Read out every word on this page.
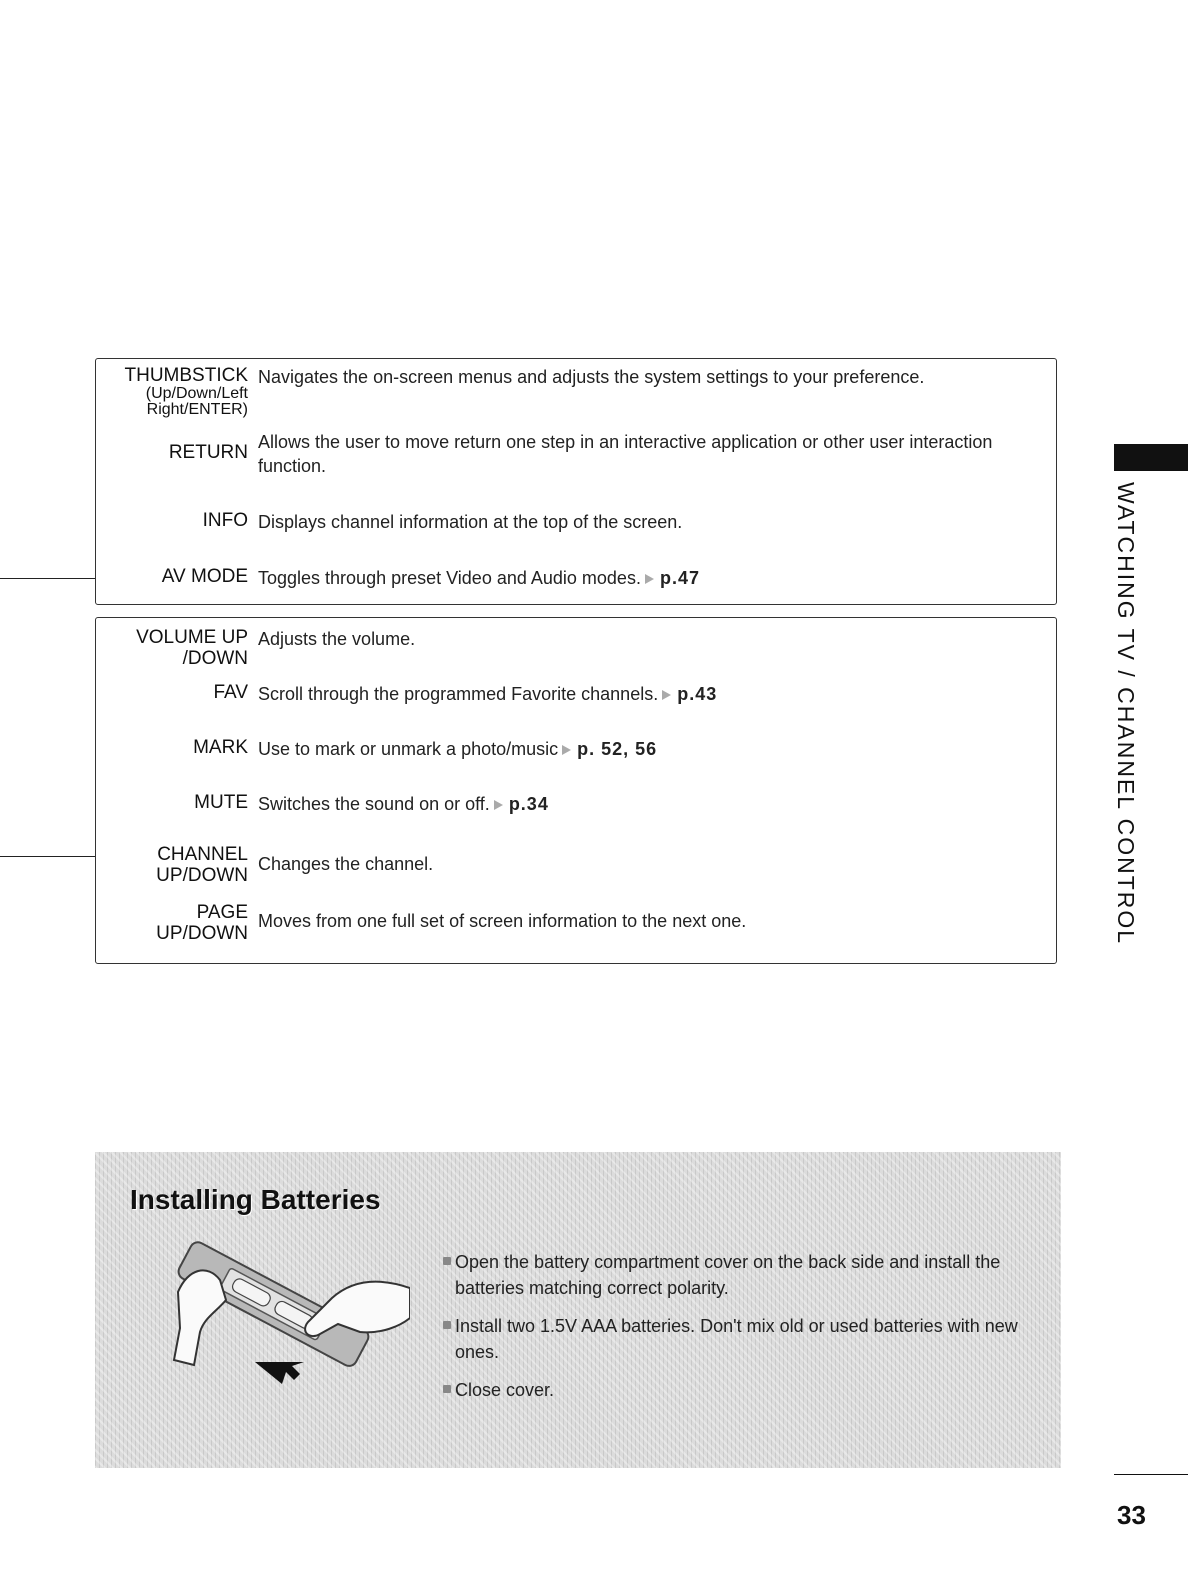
THUMBSTICK
(Up/Down/Left
Right/ENTER)
Navigates the on-screen menus and adjusts the system settings to your preference.
RETURN Allows the user to move return one step in an interactive application or other user interaction function.
INFO Displays channel information at the top of the screen.
AV MODE Toggles through preset Video and Audio modes. p.47
VOLUME UP
/DOWN
Adjusts the volume.
FAV Scroll through the programmed Favorite channels. p.43
MARK Use to mark or unmark a photo/music p. 52, 56
MUTE Switches the sound on or off. p.34
CHANNEL
UP/DOWN
Changes the channel.
PAGE
UP/DOWN
Moves from one full set of screen information to the next one.	WATCHING TV / CHANNEL CONTROL
Installing Batteries
Open the battery compartment cover on the back side and install the batteries matching correct polarity.
Install two 1.5V AAA batteries. Don't mix old or used batteries with new ones.
Close cover.
33
